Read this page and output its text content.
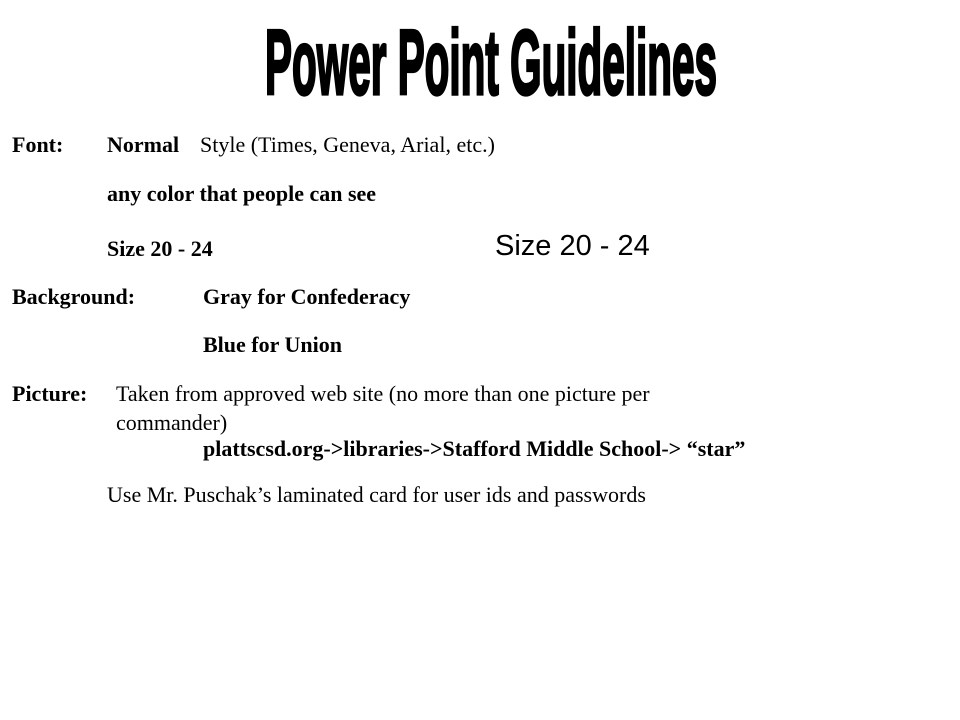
Power Point Guidelines
Font: Normal Style (Times, Geneva, Arial, etc.)
any color that people can see
Size 20 - 24	Size 20 - 24
Background:	Gray for Confederacy
Blue for Union
Picture: Taken from approved web site (no more than one picture per
commander)
plattscsd.org->libraries->Stafford Middle School-> “star”
Use Mr. Puschak’s laminated card for user ids and passwords
